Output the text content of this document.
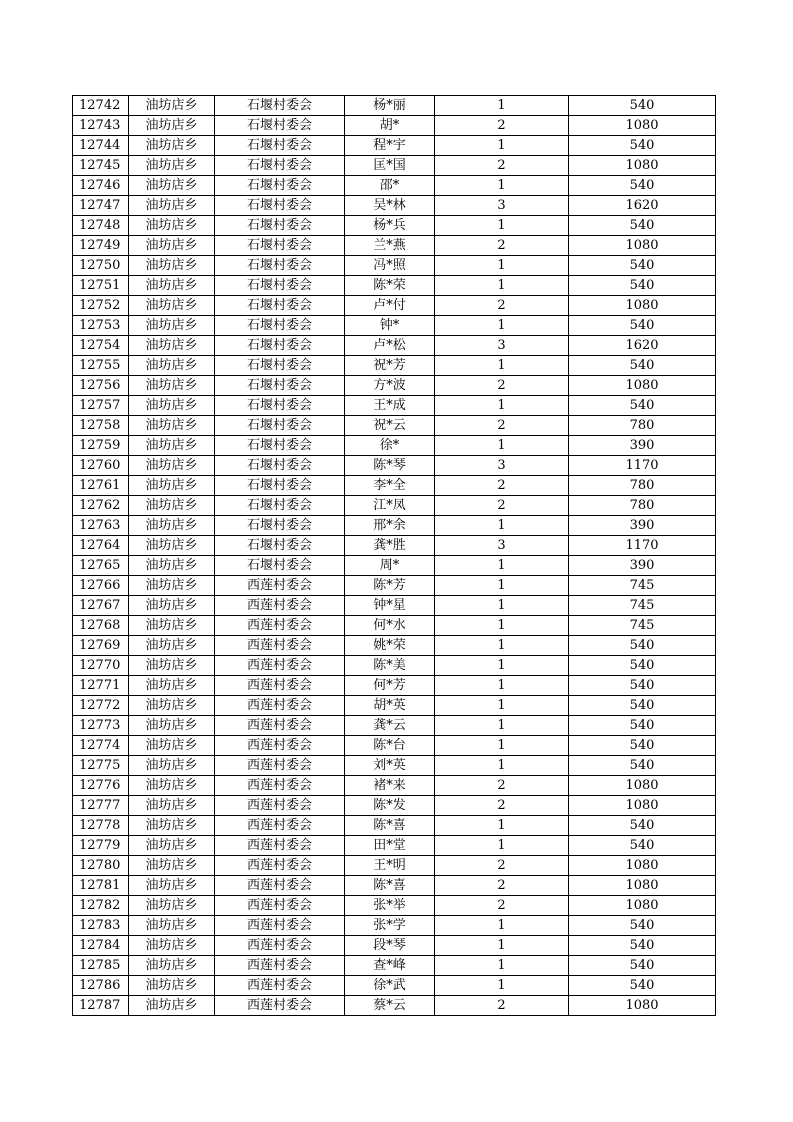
12742	油坊店乡	石堰村委会	杨*丽	1	540
12743	油坊店乡	石堰村委会	胡*	2	1080
12744	油坊店乡	石堰村委会	程*宇	1	540
12745	油坊店乡	石堰村委会	匡*国	2	1080
12746	油坊店乡	石堰村委会	邵*	1	540
12747	油坊店乡	石堰村委会	吴*林	3	1620
12748	油坊店乡	石堰村委会	杨*兵	1	540
12749	油坊店乡	石堰村委会	兰*燕	2	1080
12750	油坊店乡	石堰村委会	冯*照	1	540
12751	油坊店乡	石堰村委会	陈*荣	1	540
12752	油坊店乡	石堰村委会	卢*付	2	1080
12753	油坊店乡	石堰村委会	钟*	1	540
12754	油坊店乡	石堰村委会	卢*松	3	1620
12755	油坊店乡	石堰村委会	祝*芳	1	540
12756	油坊店乡	石堰村委会	方*波	2	1080
12757	油坊店乡	石堰村委会	王*成	1	540
12758	油坊店乡	石堰村委会	祝*云	2	780
12759	油坊店乡	石堰村委会	徐*	1	390
12760	油坊店乡	石堰村委会	陈*琴	3	1170
12761	油坊店乡	石堰村委会	李*全	2	780
12762	油坊店乡	石堰村委会	江*凤	2	780
12763	油坊店乡	石堰村委会	邢*余	1	390
12764	油坊店乡	石堰村委会	龚*胜	3	1170
12765	油坊店乡	石堰村委会	周*	1	390
12766	油坊店乡	西莲村委会	陈*芳	1	745
12767	油坊店乡	西莲村委会	钟*星	1	745
12768	油坊店乡	西莲村委会	何*水	1	745
12769	油坊店乡	西莲村委会	姚*荣	1	540
12770	油坊店乡	西莲村委会	陈*美	1	540
12771	油坊店乡	西莲村委会	何*芳	1	540
12772	油坊店乡	西莲村委会	胡*英	1	540
12773	油坊店乡	西莲村委会	龚*云	1	540
12774	油坊店乡	西莲村委会	陈*台	1	540
12775	油坊店乡	西莲村委会	刘*英	1	540
12776	油坊店乡	西莲村委会	褚*来	2	1080
12777	油坊店乡	西莲村委会	陈*发	2	1080
12778	油坊店乡	西莲村委会	陈*喜	1	540
12779	油坊店乡	西莲村委会	田*堂	1	540
12780	油坊店乡	西莲村委会	王*明	2	1080
12781	油坊店乡	西莲村委会	陈*喜	2	1080
12782	油坊店乡	西莲村委会	张*举	2	1080
12783	油坊店乡	西莲村委会	张*学	1	540
12784	油坊店乡	西莲村委会	段*琴	1	540
12785	油坊店乡	西莲村委会	查*峰	1	540
12786	油坊店乡	西莲村委会	徐*武	1	540
12787	油坊店乡	西莲村委会	蔡*云	2	1080
